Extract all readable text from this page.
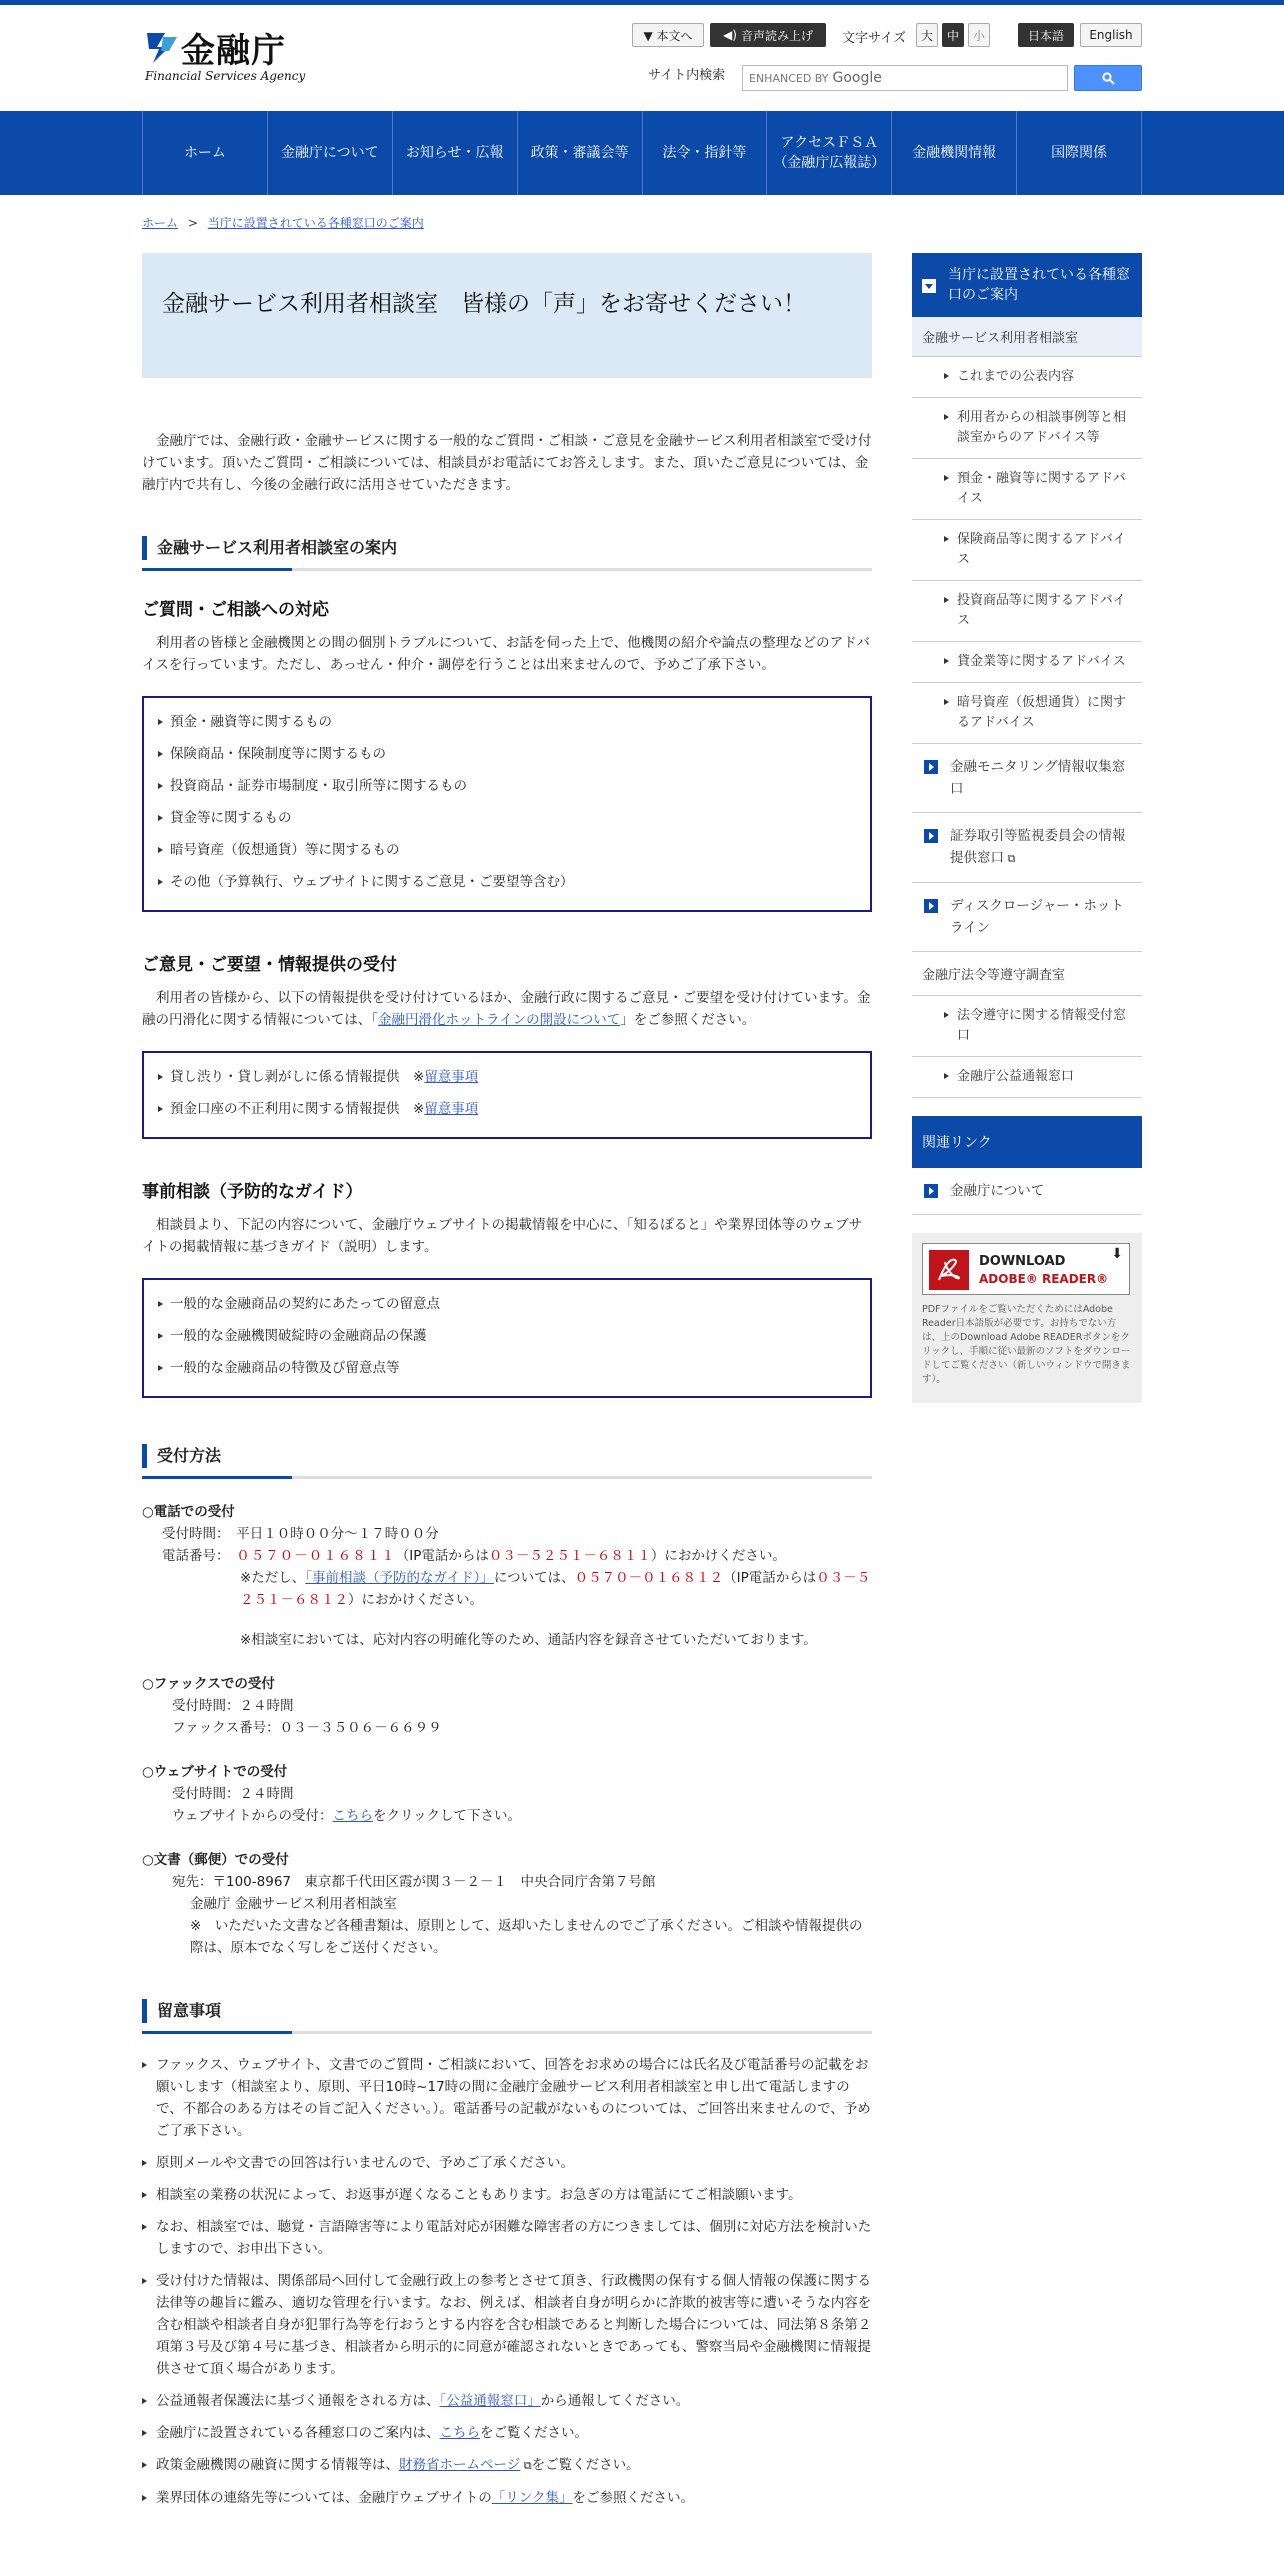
金融庁
Financial Services Agency
▼ 本文へ	◀) 音声読み上げ 文字サイズ	大	中	小	日本語	English
サイト内検索 ENHANCED BY Google
ホーム	金融庁について	お知らせ・広報	政策・審議会等	法令・指針等
アクセスＦＳＡ
（金融庁広報誌）
金融機関情報	国際関係
ホーム > 当庁に設置されている各種窓口のご案内
金融サービス利用者相談室　皆様の「声」をお寄せください！

金融庁では、金融行政・金融サービスに関する一般的なご質問・ご相談・ご意見を金融サービス利用者相談室で受け付けています。頂いたご質問・ご相談については、相談員がお電話にてお答えします。また、頂いたご意見については、金融庁内で共有し、今後の金融行政に活用させていただきます。

金融サービス利用者相談室の案内
ご質問・ご相談への対応

利用者の皆様と金融機関との間の個別トラブルについて、お話を伺った上で、他機関の紹介や論点の整理などのアドバイスを行っています。ただし、あっせん・仲介・調停を行うことは出来ませんので、予めご了承下さい。

預金・融資等に関するもの
保険商品・保険制度等に関するもの
投資商品・証券市場制度・取引所等に関するもの
貸金等に関するもの
暗号資産（仮想通貨）等に関するもの
その他（予算執行、ウェブサイトに関するご意見・ご要望等含む）
ご意見・ご要望・情報提供の受付

利用者の皆様から、以下の情報提供を受け付けているほか、金融行政に関するご意見・ご要望を受け付けています。金融の円滑化に関する情報については、「金融円滑化ホットラインの開設について」をご参照ください。

貸し渋り・貸し剥がしに係る情報提供　※留意事項
預金口座の不正利用に関する情報提供　※留意事項
事前相談（予防的なガイド）

相談員より、下記の内容について、金融庁ウェブサイトの掲載情報を中心に、「知るぽると」や業界団体等のウェブサイトの掲載情報に基づきガイド（説明）します。

一般的な金融商品の契約にあたっての留意点
一般的な金融機関破綻時の金融商品の保護
一般的な金融商品の特徴及び留意点等
受付方法
○電話での受付
受付時間：　平日１０時００分～１７時００分
電話番号：　 ０５７０－０１６８１１（IP電話からは０３－５２５１－６８１１）におかけください。
※ただし、「事前相談（予防的なガイド）」については、０５７０－０１６８１２（IP電話からは０３－５２５１－６８１２）におかけください。
※相談室においては、応対内容の明確化等のため、通話内容を録音させていただいております。
○ファックスでの受付
受付時間：２４時間
ファックス番号：０３－３５０６－６６９９
○ウェブサイトでの受付
受付時間：２４時間
ウェブサイトからの受付：こちらをクリックして下さい。
○文書（郵便）での受付
宛先：〒100-8967　東京都千代田区霞が関３－２－１　中央合同庁舎第７号館
金融庁 金融サービス利用者相談室
※　いただいた文書など各種書類は、原則として、返却いたしませんのでご了承ください。ご相談や情報提供の際は、原本でなく写しをご送付ください。
留意事項
ファックス、ウェブサイト、文書でのご質問・ご相談において、回答をお求めの場合には氏名及び電話番号の記載をお願いします（相談室より、原則、平日10時~17時の間に金融庁金融サービス利用者相談室と申し出て電話しますので、不都合のある方はその旨ご記入ください。）。電話番号の記載がないものについては、ご回答出来ませんので、予めご了承下さい。
原則メールや文書での回答は行いませんので、予めご了承ください。
相談室の業務の状況によって、お返事が遅くなることもあります。お急ぎの方は電話にてご相談願います。
なお、相談室では、聴覚・言語障害等により電話対応が困難な障害者の方につきましては、個別に対応方法を検討いたしますので、お申出下さい。
受け付けた情報は、関係部局へ回付して金融行政上の参考とさせて頂き、行政機関の保有する個人情報の保護に関する法律等の趣旨に鑑み、適切な管理を行います。なお、例えば、相談者自身が明らかに詐欺的被害等に遭いそうな内容を含む相談や相談者自身が犯罪行為等を行おうとする内容を含む相談であると判断した場合については、同法第８条第２項第３号及び第４号に基づき、相談者から明示的に同意が確認されないときであっても、警察当局や金融機関に情報提供させて頂く場合があります。
公益通報者保護法に基づく通報をされる方は、「公益通報窓口」から通報してください。
金融庁に設置されている各種窓口のご案内は、こちらをご覧ください。
政策金融機関の融資に関する情報等は、財務省ホームページ ⧉をご覧ください。
業界団体の連絡先等については、金融庁ウェブサイトの「リンク集」をご参照ください。
当庁に設置されている各種窓口のご案内
金融サービス利用者相談室
これまでの公表内容
利用者からの相談事例等と相談室からのアドバイス等
預金・融資等に関するアドバイス
保険商品等に関するアドバイス
投資商品等に関するアドバイス
貸金業等に関するアドバイス
暗号資産（仮想通貨）に関するアドバイス
金融モニタリング情報収集窓口
証券取引等監視委員会の情報提供窓口 ⧉
ディスクロージャー・ホットライン
金融庁法令等遵守調査室
法令遵守に関する情報受付窓口
金融庁公益通報窓口
関連リンク
金融庁について
DOWNLOAD
ADOBE® READER®
⬇

PDFファイルをご覧いただくためにはAdobe Reader日本語版が必要です。お持ちでない方は、上のDownload Adobe READERボタンをクリックし、手順に従い最新のソフトをダウンロードしてご覧ください（新しいウィンドウで開きます）。
